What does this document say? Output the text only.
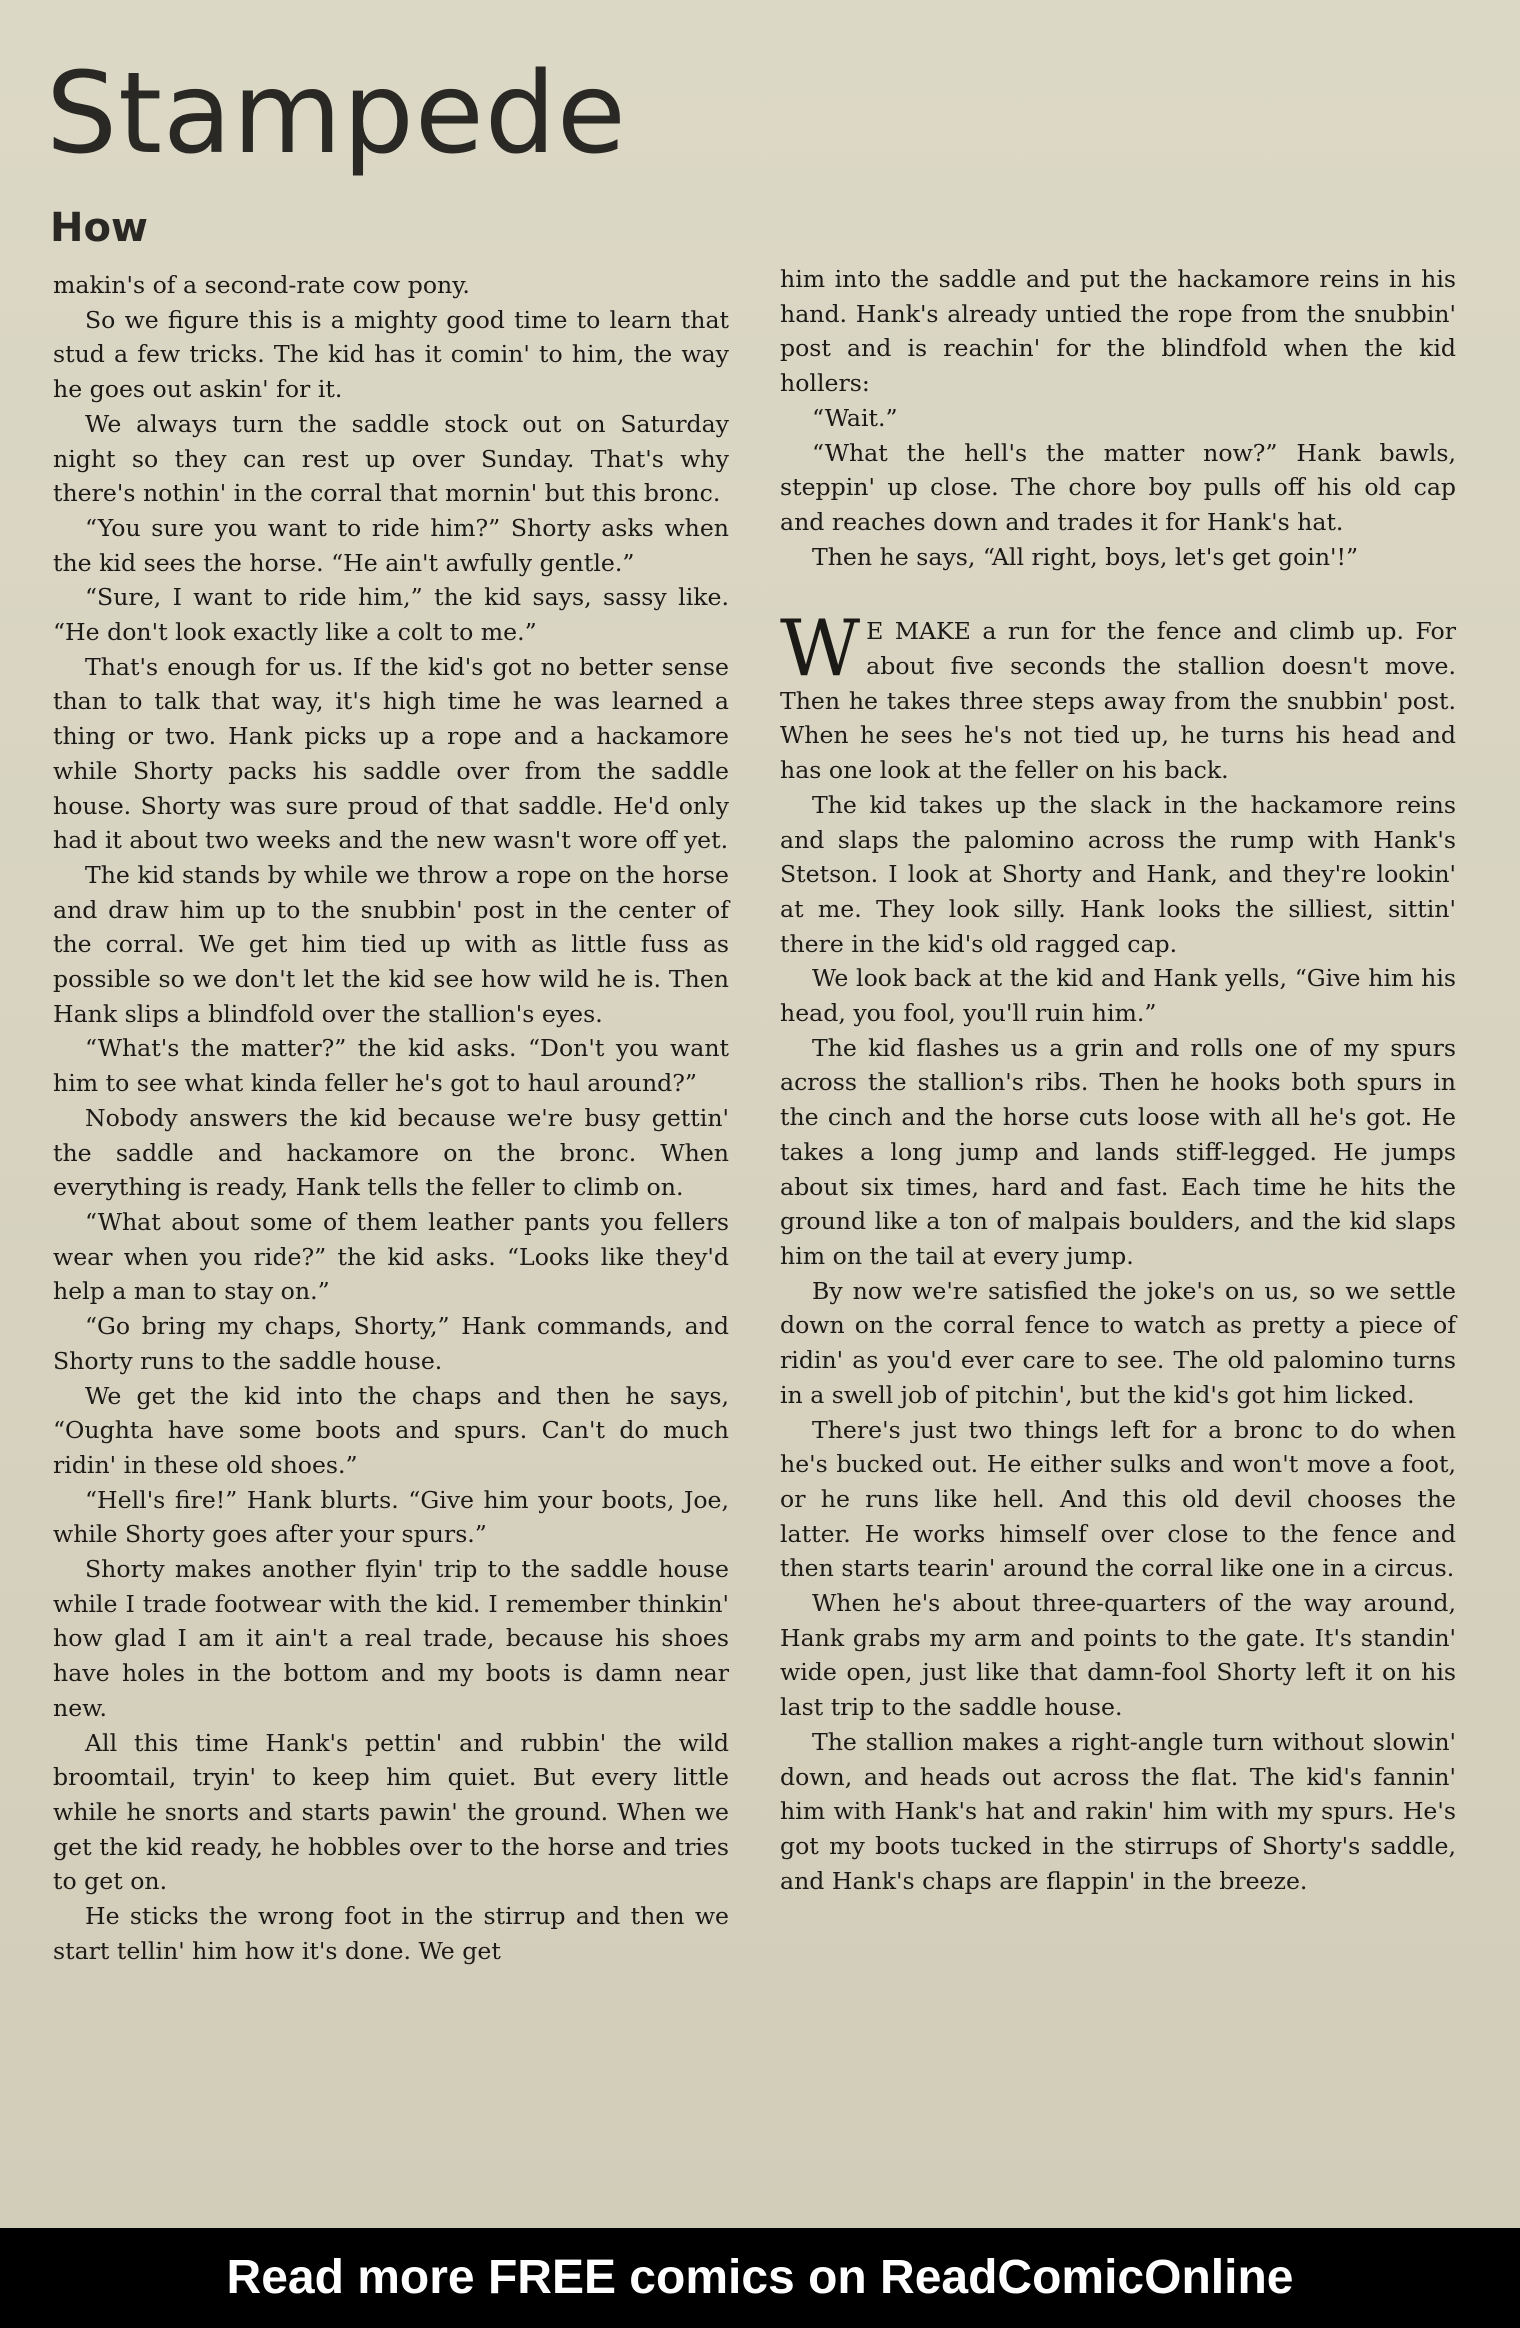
Stampede
How

makin's of a second-rate cow pony.

So we figure this is a mighty good time to learn that stud a few tricks. The kid has it comin' to him, the way he goes out askin' for it.

We always turn the saddle stock out on Saturday night so they can rest up over Sunday. That's why there's nothin' in the corral that mornin' but this bronc.

“You sure you want to ride him?” Shorty asks when the kid sees the horse. “He ain't awfully gentle.”

“Sure, I want to ride him,” the kid says, sassy like. “He don't look exactly like a colt to me.”

That's enough for us. If the kid's got no better sense than to talk that way, it's high time he was learned a thing or two. Hank picks up a rope and a hackamore while Shorty packs his saddle over from the saddle house. Shorty was sure proud of that saddle. He'd only had it about two weeks and the new wasn't wore off yet.

The kid stands by while we throw a rope on the horse and draw him up to the snubbin' post in the center of the corral. We get him tied up with as little fuss as possible so we don't let the kid see how wild he is. Then Hank slips a blindfold over the stallion's eyes.

“What's the matter?” the kid asks. “Don't you want him to see what kinda feller he's got to haul around?”

Nobody answers the kid because we're busy gettin' the saddle and hackamore on the bronc. When everything is ready, Hank tells the feller to climb on.

“What about some of them leather pants you fellers wear when you ride?” the kid asks. “Looks like they'd help a man to stay on.”

“Go bring my chaps, Shorty,” Hank commands, and Shorty runs to the saddle house.

We get the kid into the chaps and then he says, “Oughta have some boots and spurs. Can't do much ridin' in these old shoes.”

“Hell's fire!” Hank blurts. “Give him your boots, Joe, while Shorty goes after your spurs.”

Shorty makes another flyin' trip to the saddle house while I trade footwear with the kid. I remember thinkin' how glad I am it ain't a real trade, because his shoes have holes in the bottom and my boots is damn near new.

All this time Hank's pettin' and rubbin' the wild broomtail, tryin' to keep him quiet. But every little while he snorts and starts pawin' the ground. When we get the kid ready, he hobbles over to the horse and tries to get on.

He sticks the wrong foot in the stirrup and then we start tellin' him how it's done. We get

him into the saddle and put the hackamore reins in his hand. Hank's already untied the rope from the snubbin' post and is reachin' for the blindfold when the kid hollers:

“Wait.”

“What the hell's the matter now?” Hank bawls, steppin' up close. The chore boy pulls off his old cap and reaches down and trades it for Hank's hat.

Then he says, “All right, boys, let's get goin'!”

W E MAKE a run for the fence and climb up. For about five seconds the stallion doesn't move. Then he takes three steps away from the snubbin' post. When he sees he's not tied up, he turns his head and has one look at the feller on his back.

The kid takes up the slack in the hackamore reins and slaps the palomino across the rump with Hank's Stetson. I look at Shorty and Hank, and they're lookin' at me. They look silly. Hank looks the silliest, sittin' there in the kid's old ragged cap.

We look back at the kid and Hank yells, “Give him his head, you fool, you'll ruin him.”

The kid flashes us a grin and rolls one of my spurs across the stallion's ribs. Then he hooks both spurs in the cinch and the horse cuts loose with all he's got. He takes a long jump and lands stiff-legged. He jumps about six times, hard and fast. Each time he hits the ground like a ton of malpais boulders, and the kid slaps him on the tail at every jump.

By now we're satisfied the joke's on us, so we settle down on the corral fence to watch as pretty a piece of ridin' as you'd ever care to see. The old palomino turns in a swell job of pitchin', but the kid's got him licked.

There's just two things left for a bronc to do when he's bucked out. He either sulks and won't move a foot, or he runs like hell. And this old devil chooses the latter. He works himself over close to the fence and then starts tearin' around the corral like one in a circus.

When he's about three-quarters of the way around, Hank grabs my arm and points to the gate. It's standin' wide open, just like that damn-fool Shorty left it on his last trip to the saddle house.

The stallion makes a right-angle turn without slowin' down, and heads out across the flat. The kid's fannin' him with Hank's hat and rakin' him with my spurs. He's got my boots tucked in the stirrups of Shorty's saddle, and Hank's chaps are flappin' in the breeze.

Read more FREE comics on ReadComicOnline
